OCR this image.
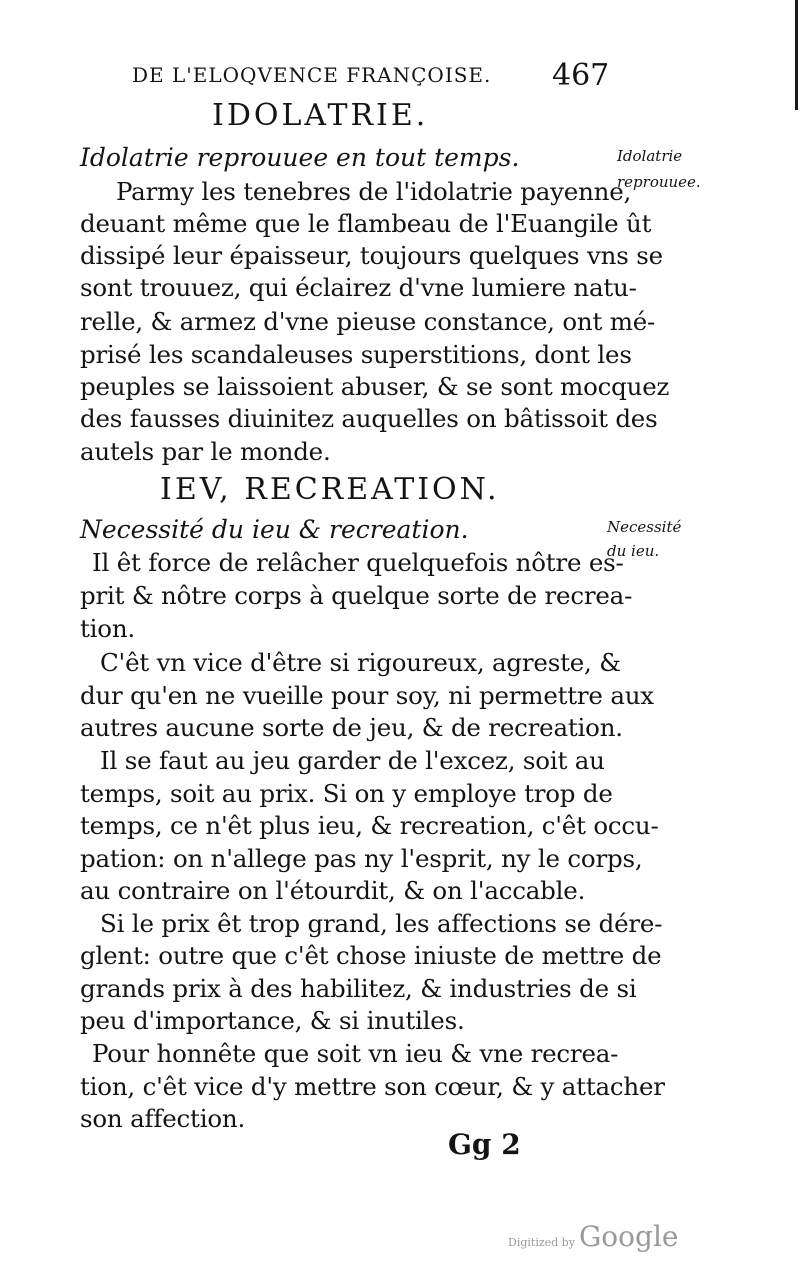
DE L'ELOQVENCE FRANÇOISE. 467
IDOLATRIE.
Idolatrie reprouuee en tout temps.	Idolatrie
reprouuee.
Parmy les tenebres de l'idolatrie payenne,
deuant même que le flambeau de l'Euangile ût
dissipé leur épaisseur, toujours quelques vns se
sont trouuez, qui éclairez d'vne lumiere natu-
relle, & armez d'vne pieuse constance, ont mé-
prisé les scandaleuses superstitions, dont les
peuples se laissoient abuser, & se sont mocquez
des fausses diuinitez auquelles on bâtissoit des
autels par le monde.
IEV, RECREATION.
Necessité du ieu & recreation.	Necessité
du ieu.
Il êt force de relâcher quelquefois nôtre es-
prit & nôtre corps à quelque sorte de recrea-
tion.
C'êt vn vice d'être si rigoureux, agreste, &
dur qu'en ne vueille pour soy, ni permettre aux
autres aucune sorte de jeu, & de recreation.
Il se faut au jeu garder de l'excez, soit au
temps, soit au prix. Si on y employe trop de
temps, ce n'êt plus ieu, & recreation, c'êt occu-
pation: on n'allege pas ny l'esprit, ny le corps,
au contraire on l'étourdit, & on l'accable.
Si le prix êt trop grand, les affections se dére-
glent: outre que c'êt chose iniuste de mettre de
grands prix à des habilitez, & industries de si
peu d'importance, & si inutiles.
Pour honnête que soit vn ieu & vne recrea-
tion, c'êt vice d'y mettre son cœur, & y attacher
son affection.
Gg 2
Digitized by Google
